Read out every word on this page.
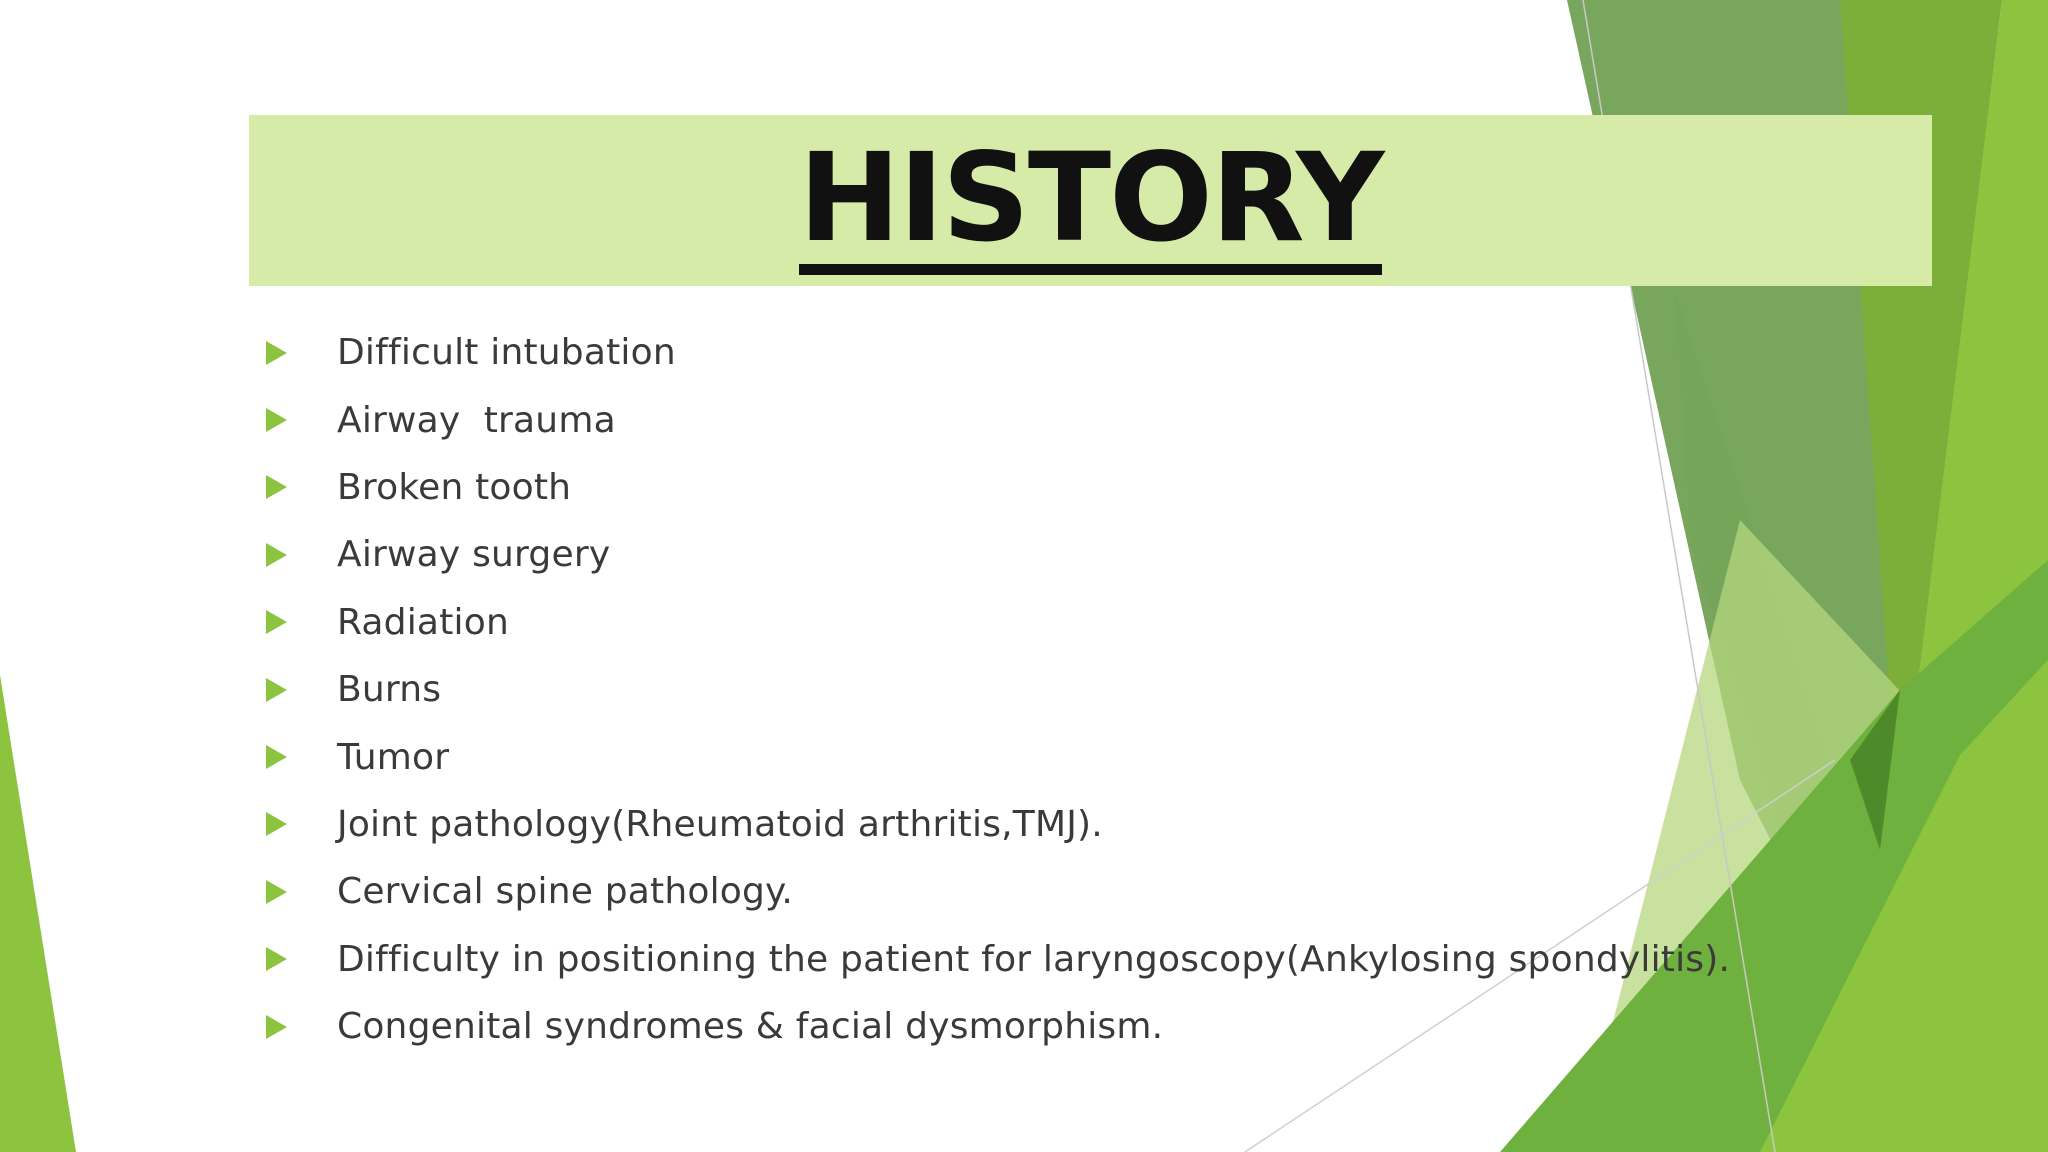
HISTORY
Difficult intubation
Airway  trauma
Broken tooth
Airway surgery
Radiation
Burns
Tumor
Joint pathology(Rheumatoid arthritis,TMJ).
Cervical spine pathology.
Difficulty in positioning the patient for laryngoscopy(Ankylosing spondylitis).
Congenital syndromes & facial dysmorphism.
